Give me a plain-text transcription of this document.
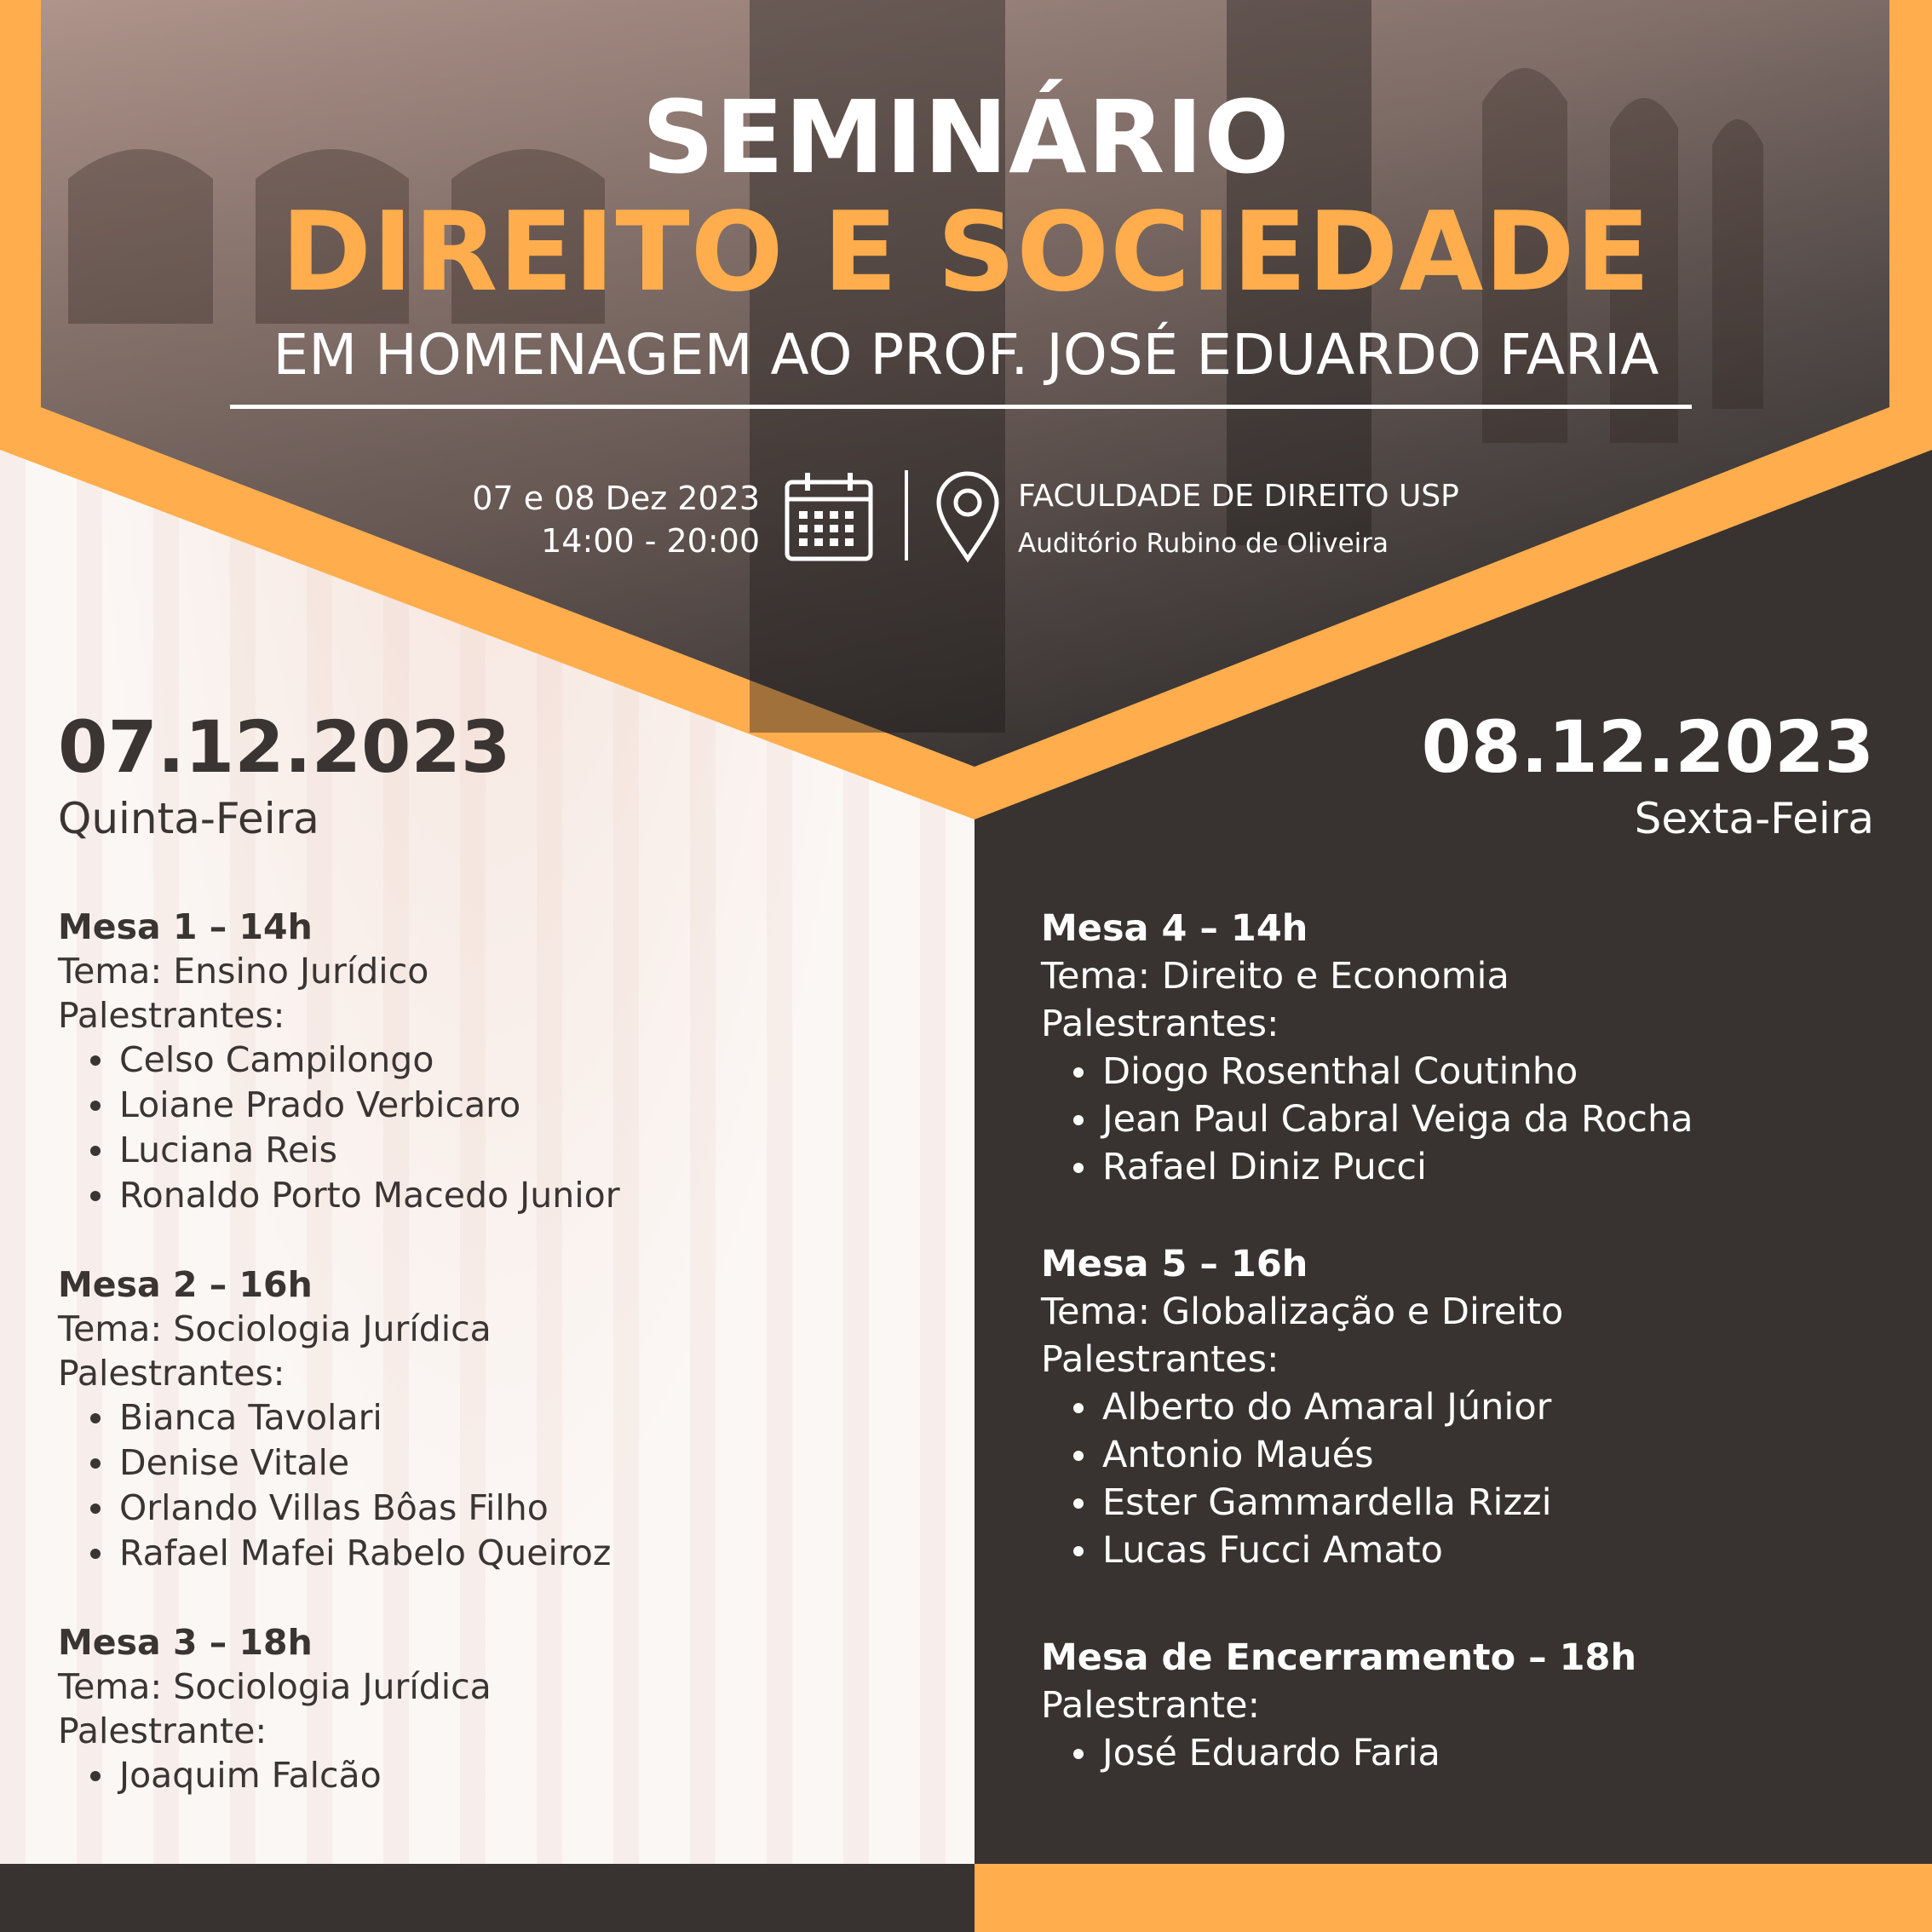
SEMINÁRIO
DIREITO E SOCIEDADE
EM HOMENAGEM AO PROF. JOSÉ EDUARDO FARIA
07 e 08 Dez 2023
14:00 - 20:00
FACULDADE DE DIREITO USP
Auditório Rubino de Oliveira
07.12.2023
Quinta-Feira
08.12.2023
Sexta-Feira
Mesa 1 – 14h

Tema: Ensino Jurídico

Palestrantes:

Celso Campilongo
Loiane Prado Verbicaro
Luciana Reis
Ronaldo Porto Macedo Junior
Mesa 2 – 16h

Tema: Sociologia Jurídica

Palestrantes:

Bianca Tavolari
Denise Vitale
Orlando Villas Bôas Filho
Rafael Mafei Rabelo Queiroz
Mesa 3 – 18h

Tema: Sociologia Jurídica

Palestrante:

Joaquim Falcão
Mesa 4 – 14h

Tema: Direito e Economia

Palestrantes:

Diogo Rosenthal Coutinho
Jean Paul Cabral Veiga da Rocha
Rafael Diniz Pucci
Mesa 5 – 16h

Tema: Globalização e Direito

Palestrantes:

Alberto do Amaral Júnior
Antonio Maués
Ester Gammardella Rizzi
Lucas Fucci Amato
Mesa de Encerramento – 18h

Palestrante:

José Eduardo Faria
